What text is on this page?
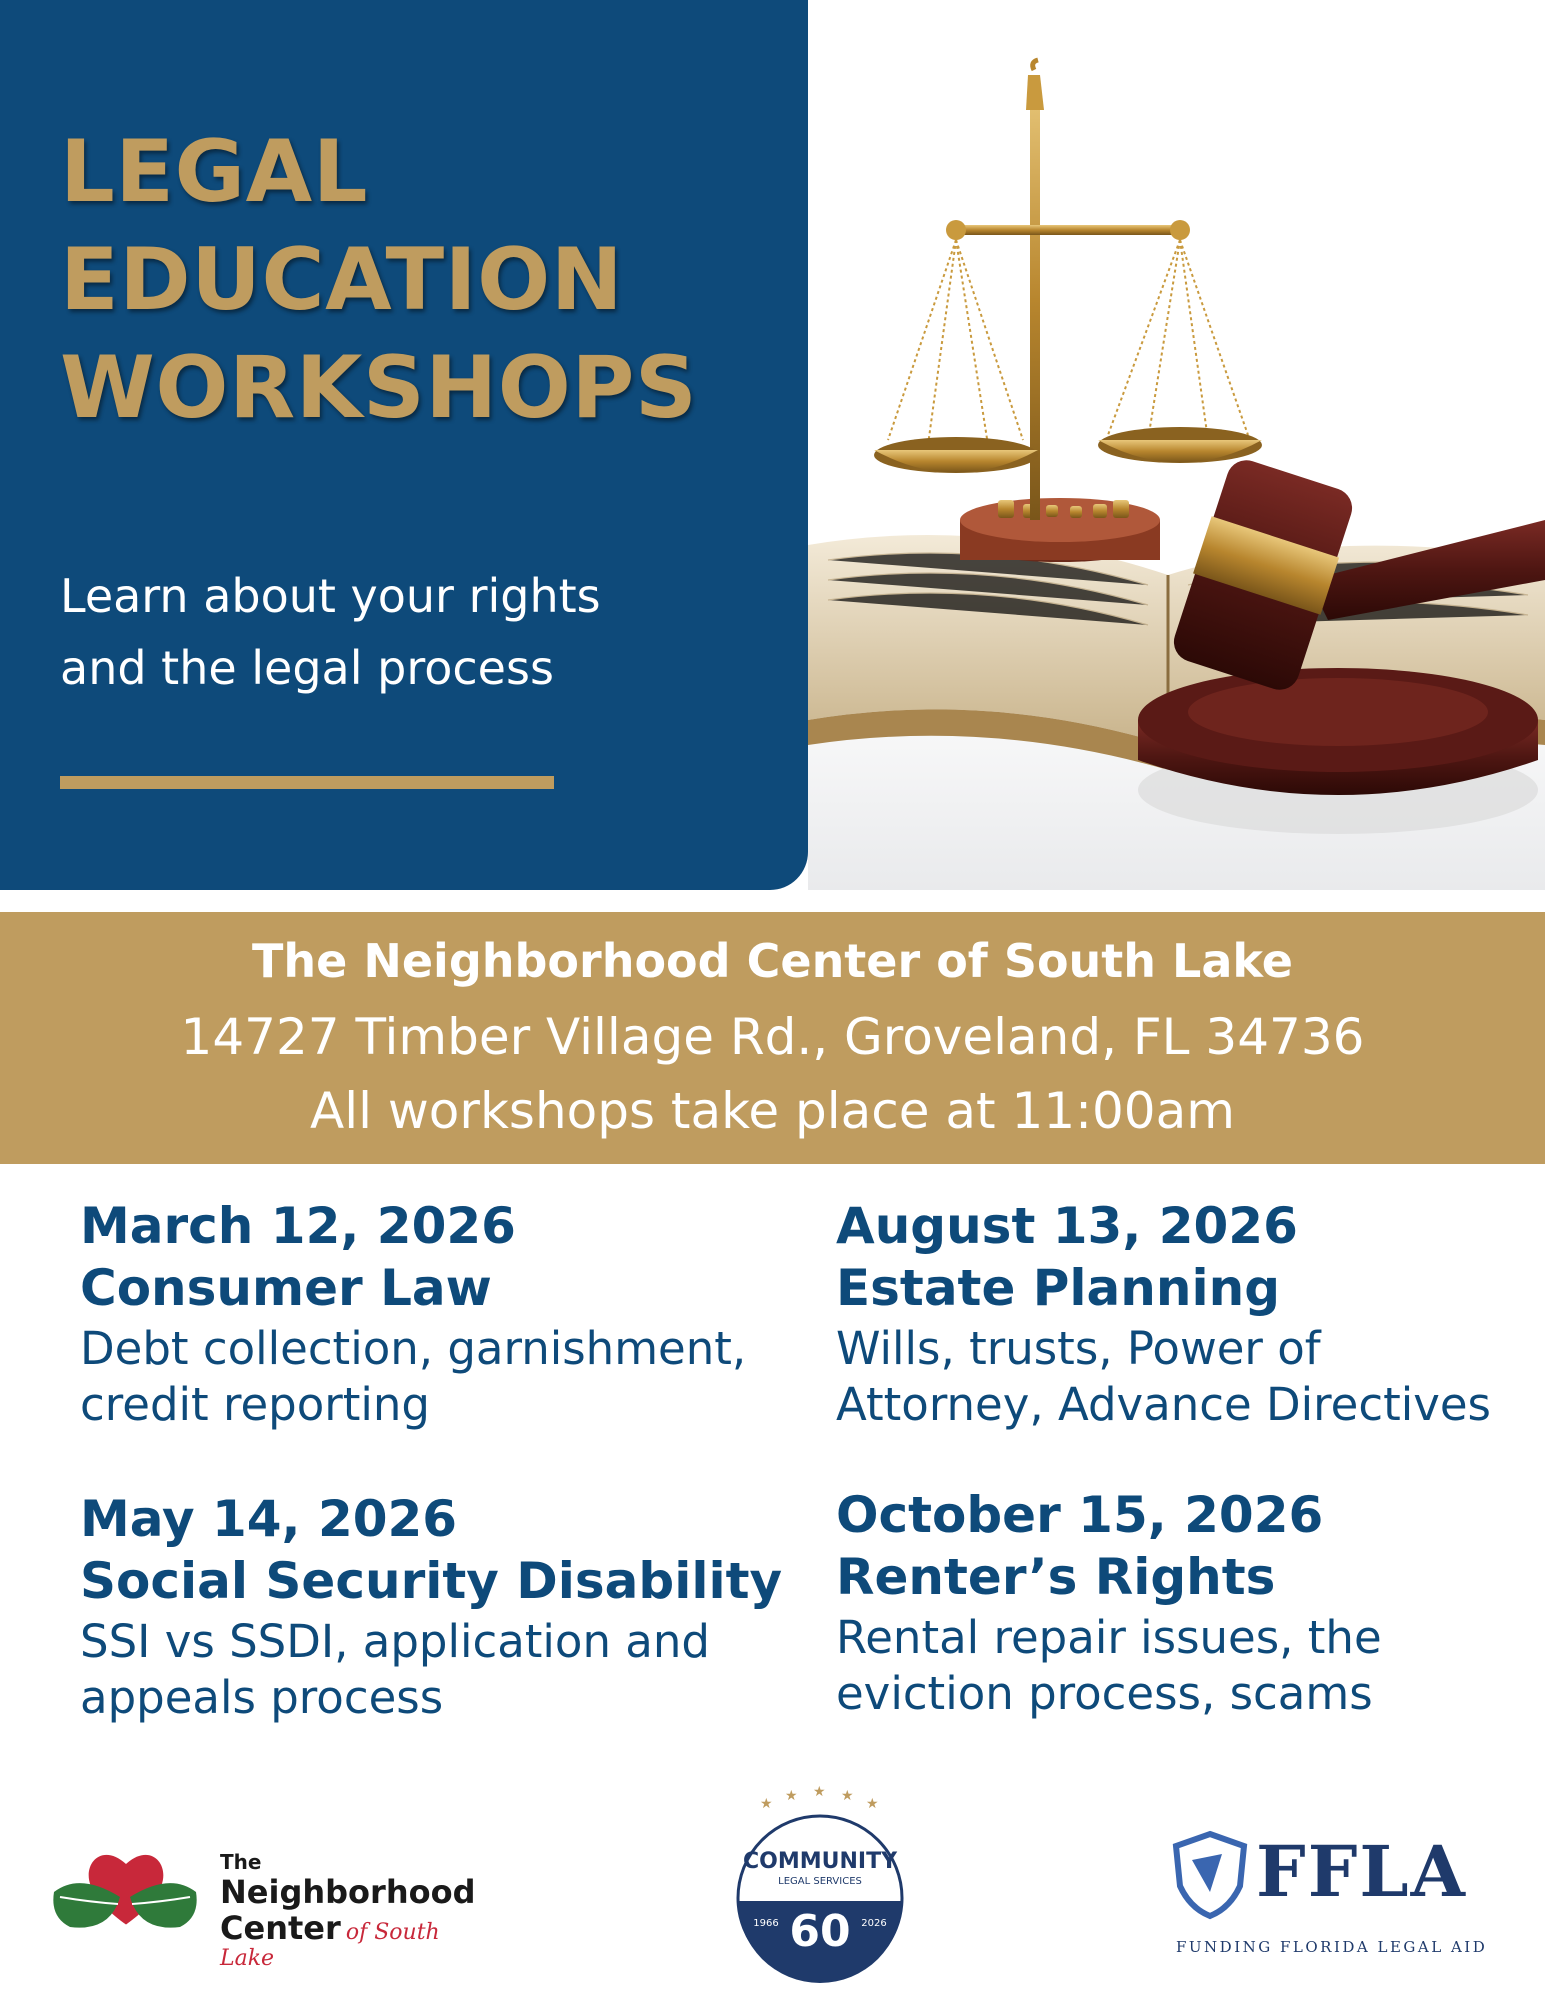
LEGAL
EDUCATION
WORKSHOPS
Learn about your rights
and the legal process
The Neighborhood Center of South Lake
14727 Timber Village Rd., Groveland, FL 34736
All workshops take place at 11:00am
March 12, 2026
Consumer Law
Debt collection, garnishment,
credit reporting
August 13, 2026
Estate Planning
Wills, trusts, Power of
Attorney, Advance Directives
May 14, 2026
Social Security Disability
SSI vs SSDI, application and
appeals process
October 15, 2026
Renter’s Rights
Rental repair issues, the
eviction process, scams
The
Neighborhood
Center of South Lake
★ ★ ★ ★ ★
COMMUNITY
LEGAL SERVICES
60
1966	2026
FFLA
FUNDING FLORIDA LEGAL AID
